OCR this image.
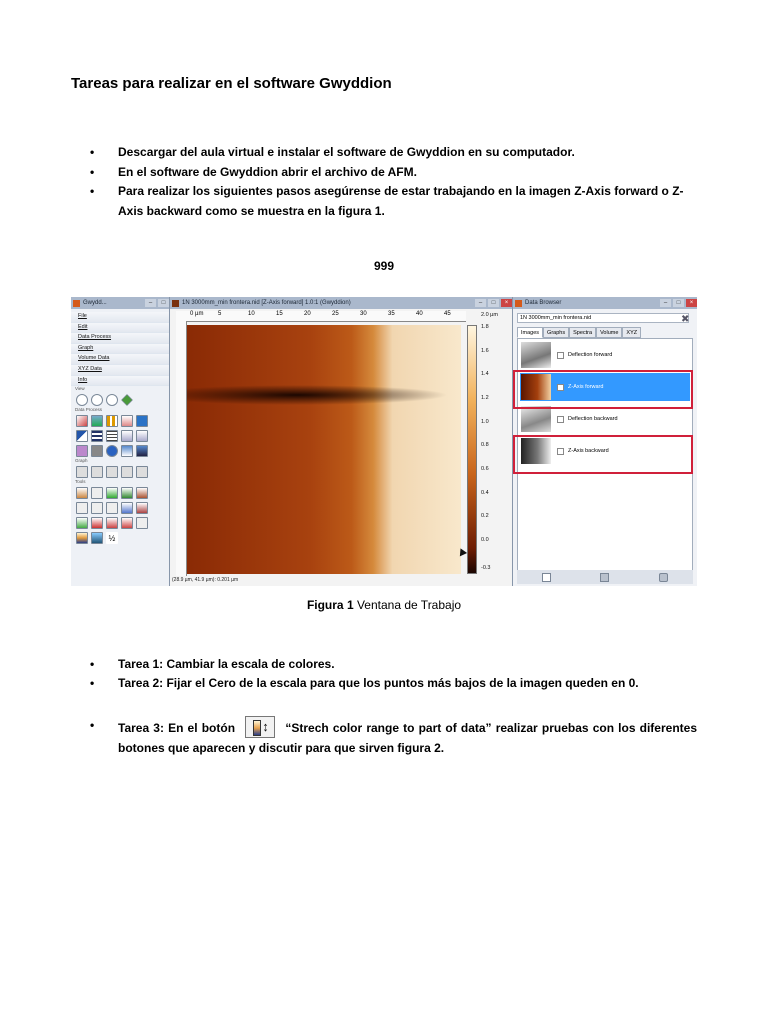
Tareas para realizar en el software Gwyddion
• Descargar del aula virtual e instalar el software de Gwyddion en su computador.
• En el software de Gwyddion abrir el archivo de AFM.
• Para realizar los siguientes pasos asegúrense de estar trabajando en la imagen Z-Axis forward o Z-Axis backward como se muestra en la figura 1.
999
Gwydd...	–	□
File
Edit
Data Process
Graph
Volume Data
XYZ Data
Info
View
Data Process
Graph
Tools
½
1N 3000mm_min frontera.nid [Z-Axis forward] 1.0:1 (Gwyddion)	–	□	×
0 µm 5	10	15	20	25	30	35	40	45	2.0 µm
1.8
1.6
1.4
1.2
1.0
0.8
0.6
0.4
0.2
0.0
-0.3
(28.9 µm, 41.9 µm): 0.201 µm
Data Browser	–	□	×
1N 3000mm_min frontera.nid	✖
Images	Graphs	Spectra	Volume	XYZ
Deflection forward
Z-Axis forward
Deflection backward
Z-Axis backward
Figura 1 Ventana de Trabajo
• Tarea 1: Cambiar la escala de colores.
• Tarea 2: Fijar el Cero de la escala para que los puntos más bajos de la imagen queden en 0.
• Tarea 3: En el botón ↕ “Strech color range to part of data” realizar pruebas con los diferentes botones que aparecen y discutir para que sirven figura 2.
